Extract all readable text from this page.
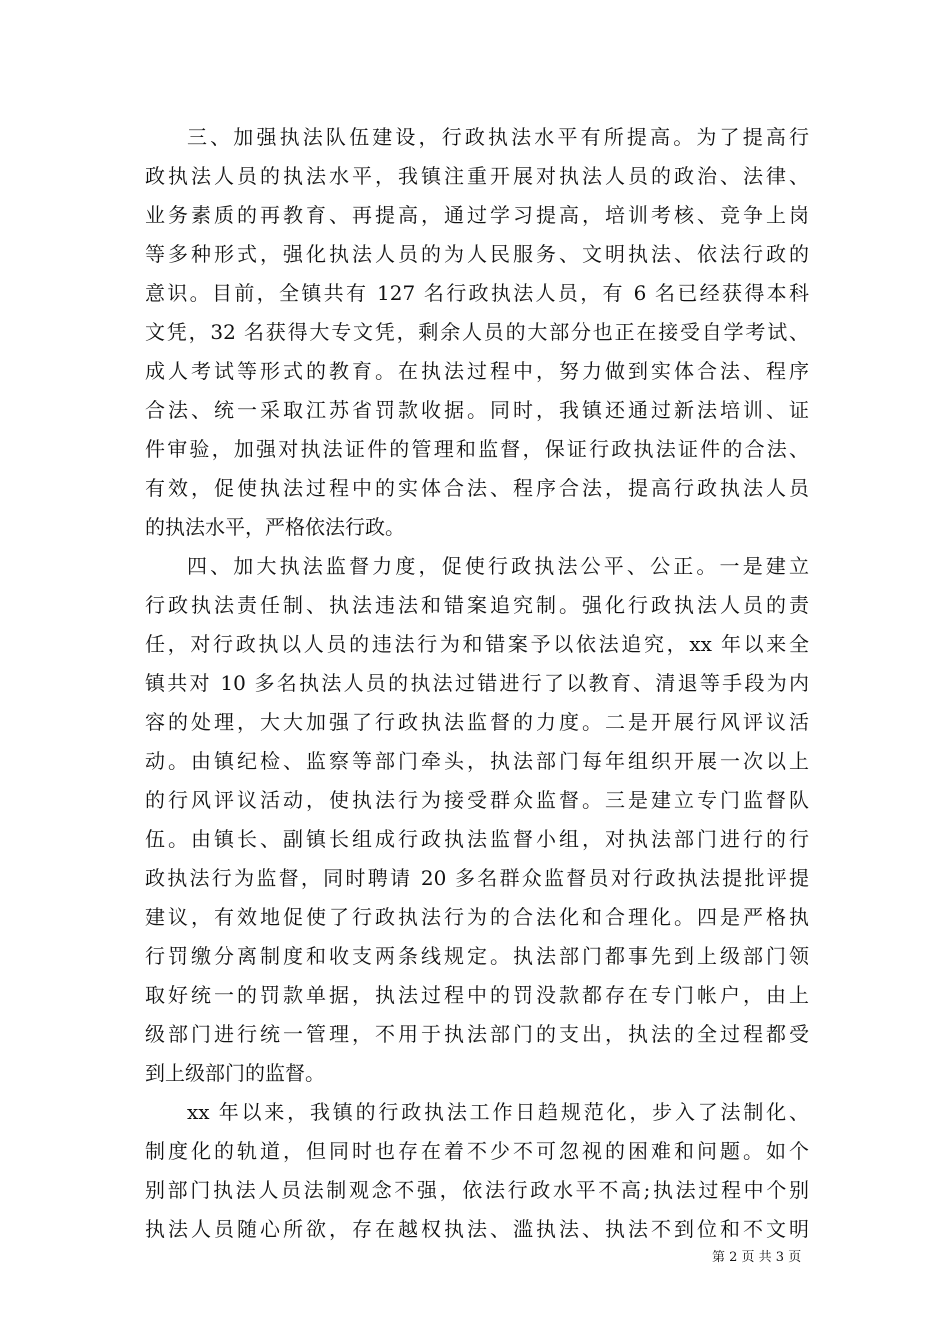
三、加强执法队伍建设，行政执法水平有所提高。为了提高行
政执法人员的执法水平，我镇注重开展对执法人员的政治、法律、
业务素质的再教育、再提高，通过学习提高，培训考核、竞争上岗
等多种形式，强化执法人员的为人民服务、文明执法、依法行政的
意识。目前，全镇共有 127 名行政执法人员，有 6 名已经获得本科
文凭，32 名获得大专文凭，剩余人员的大部分也正在接受自学考试、
成人考试等形式的教育。在执法过程中，努力做到实体合法、程序
合法、统一采取江苏省罚款收据。同时，我镇还通过新法培训、证
件审验，加强对执法证件的管理和监督，保证行政执法证件的合法、
有效，促使执法过程中的实体合法、程序合法，提高行政执法人员
的执法水平，严格依法行政。
四、加大执法监督力度，促使行政执法公平、公正。一是建立
行政执法责任制、执法违法和错案追究制。强化行政执法人员的责
任，对行政执以人员的违法行为和错案予以依法追究，xx 年以来全
镇共对 10 多名执法人员的执法过错进行了以教育、清退等手段为内
容的处理，大大加强了行政执法监督的力度。二是开展行风评议活
动。由镇纪检、监察等部门牵头，执法部门每年组织开展一次以上
的行风评议活动，使执法行为接受群众监督。三是建立专门监督队
伍。由镇长、副镇长组成行政执法监督小组，对执法部门进行的行
政执法行为监督，同时聘请 20 多名群众监督员对行政执法提批评提
建议，有效地促使了行政执法行为的合法化和合理化。四是严格执
行罚缴分离制度和收支两条线规定。执法部门都事先到上级部门领
取好统一的罚款单据，执法过程中的罚没款都存在专门帐户，由上
级部门进行统一管理，不用于执法部门的支出，执法的全过程都受
到上级部门的监督。
xx 年以来，我镇的行政执法工作日趋规范化，步入了法制化、
制度化的轨道，但同时也存在着不少不可忽视的困难和问题。如个
别部门执法人员法制观念不强，依法行政水平不高;执法过程中个别
执法人员随心所欲，存在越权执法、滥执法、执法不到位和不文明
第 2 页 共 3 页
